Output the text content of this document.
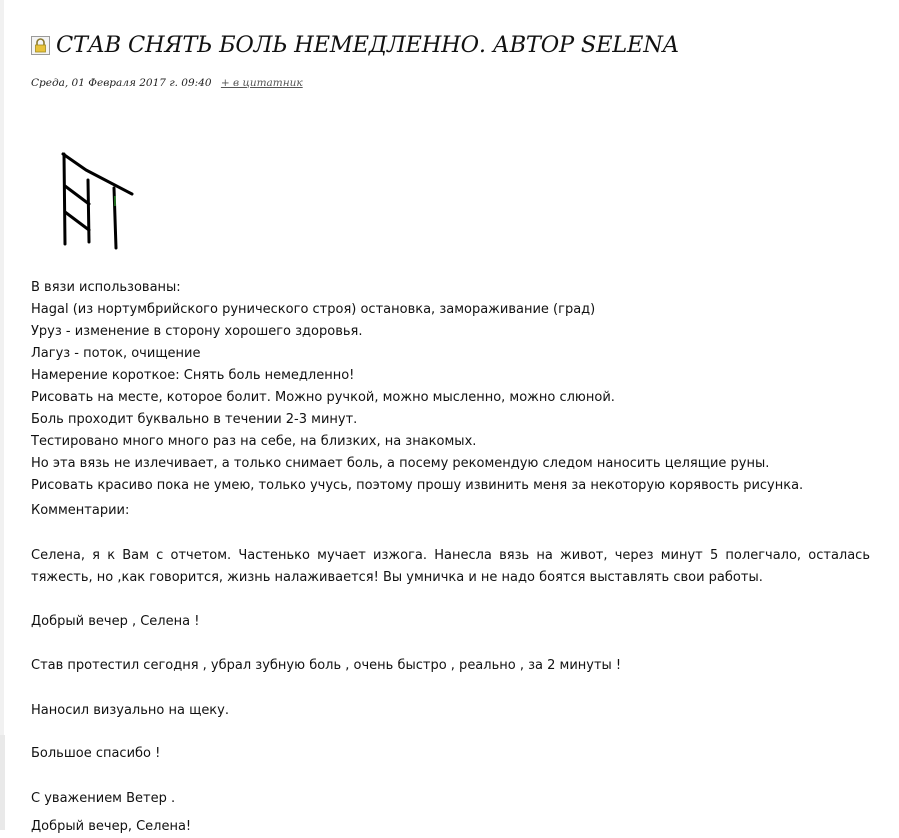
СТАВ СНЯТЬ БОЛЬ НЕМЕДЛЕННО. АВТОР SELENA
Среда, 01 Февраля 2017 г. 09:40 + в цитатник
В вязи использованы:
Hagal (из нортумбрийского рунического строя) остановка, замораживание (град)
Уруз - изменение в сторону хорошего здоровья.
Лагуз - поток, очищение
Намерение короткое: Снять боль немедленно!
Рисовать на месте, которое болит. Можно ручкой, можно мысленно, можно слюной.
Боль проходит буквально в течении 2-3 минут.
Тестировано много много раз на себе, на близких, на знакомых.
Но эта вязь не излечивает, а только снимает боль, а посему рекомендую следом наносить целящие руны.
Рисовать красиво пока не умею, только учусь, поэтому прошу извинить меня за некоторую корявость рисунка.
Комментарии:
Селена, я к Вам с отчетом. Частенько мучает изжога. Нанесла вязь на живот, через минут 5 полегчало, осталась тяжесть, но ,как говорится, жизнь налаживается! Вы умничка и не надо боятся выставлять свои работы.
Добрый вечер , Селена !
Став протестил сегодня , убрал зубную боль , очень быстро , реально , за 2 минуты !
Наносил визуально на щеку.
Большое спасибо !
С уважением Ветер .
Добрый вечер, Селена!
